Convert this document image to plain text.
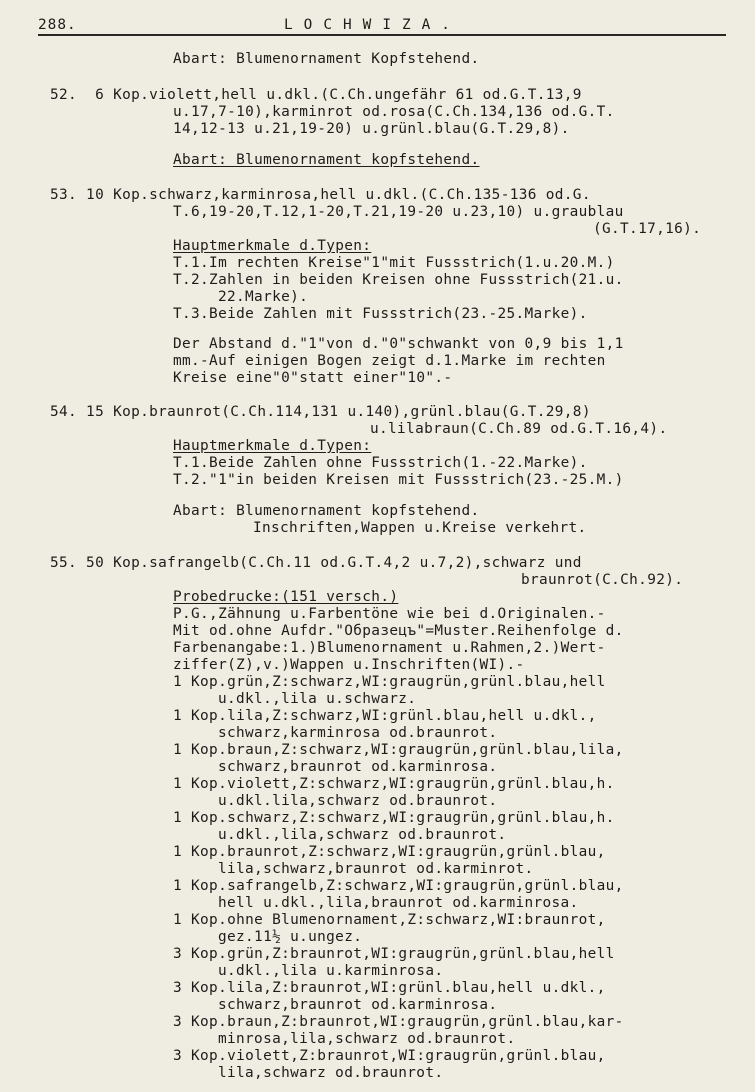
288.	LOCHWIZA.
Abart: Blumenornament Kopfstehend.
52.  6 Kop.violett,hell u.dkl.(C.Ch.ungefähr 61 od.G.T.13,9
u.17,7-10),karminrot od.rosa(C.Ch.134,136 od.G.T.
14,12-13 u.21,19-20) u.grünl.blau(G.T.29,8).
Abart: Blumenornament kopfstehend.
53. 10 Kop.schwarz,karminrosa,hell u.dkl.(C.Ch.135-136 od.G.
T.6,19-20,T.12,1-20,T.21,19-20 u.23,10) u.graublau
(G.T.17,16).
Hauptmerkmale d.Typen:
T.1.Im rechten Kreise"1"mit Fussstrich(1.u.20.M.)
T.2.Zahlen in beiden Kreisen ohne Fussstrich(21.u.
22.Marke).
T.3.Beide Zahlen mit Fussstrich(23.-25.Marke).
Der Abstand d."1"von d."0"schwankt von 0,9 bis 1,1
mm.-Auf einigen Bogen zeigt d.1.Marke im rechten
Kreise eine"0"statt einer"10".-
54. 15 Kop.braunrot(C.Ch.114,131 u.140),grünl.blau(G.T.29,8)
u.lilabraun(C.Ch.89 od.G.T.16,4).
Hauptmerkmale d.Typen:
T.1.Beide Zahlen ohne Fussstrich(1.-22.Marke).
T.2."1"in beiden Kreisen mit Fussstrich(23.-25.M.)
Abart: Blumenornament kopfstehend.
Inschriften,Wappen u.Kreise verkehrt.
55. 50 Kop.safrangelb(C.Ch.11 od.G.T.4,2 u.7,2),schwarz und
braunrot(C.Ch.92).
Probedrucke:(151 versch.)
P.G.,Zähnung u.Farbentöne wie bei d.Originalen.-
Mit od.ohne Aufdr."Образецъ"=Muster.Reihenfolge d.
Farbenangabe:1.)Blumenornament u.Rahmen,2.)Wert-
ziffer(Z),v.)Wappen u.Inschriften(WI).-
1 Kop.grün,Z:schwarz,WI:graugrün,grünl.blau,hell
u.dkl.,lila u.schwarz.
1 Kop.lila,Z:schwarz,WI:grünl.blau,hell u.dkl.,
schwarz,karminrosa od.braunrot.
1 Kop.braun,Z:schwarz,WI:graugrün,grünl.blau,lila,
schwarz,braunrot od.karminrosa.
1 Kop.violett,Z:schwarz,WI:graugrün,grünl.blau,h.
u.dkl.lila,schwarz od.braunrot.
1 Kop.schwarz,Z:schwarz,WI:graugrün,grünl.blau,h.
u.dkl.,lila,schwarz od.braunrot.
1 Kop.braunrot,Z:schwarz,WI:graugrün,grünl.blau,
lila,schwarz,braunrot od.karminrot.
1 Kop.safrangelb,Z:schwarz,WI:graugrün,grünl.blau,
hell u.dkl.,lila,braunrot od.karminrosa.
1 Kop.ohne Blumenornament,Z:schwarz,WI:braunrot,
gez.11½ u.ungez.
3 Kop.grün,Z:braunrot,WI:graugrün,grünl.blau,hell
u.dkl.,lila u.karminrosa.
3 Kop.lila,Z:braunrot,WI:grünl.blau,hell u.dkl.,
schwarz,braunrot od.karminrosa.
3 Kop.braun,Z:braunrot,WI:graugrün,grünl.blau,kar-
minrosa,lila,schwarz od.braunrot.
3 Kop.violett,Z:braunrot,WI:graugrün,grünl.blau,
lila,schwarz od.braunrot.
